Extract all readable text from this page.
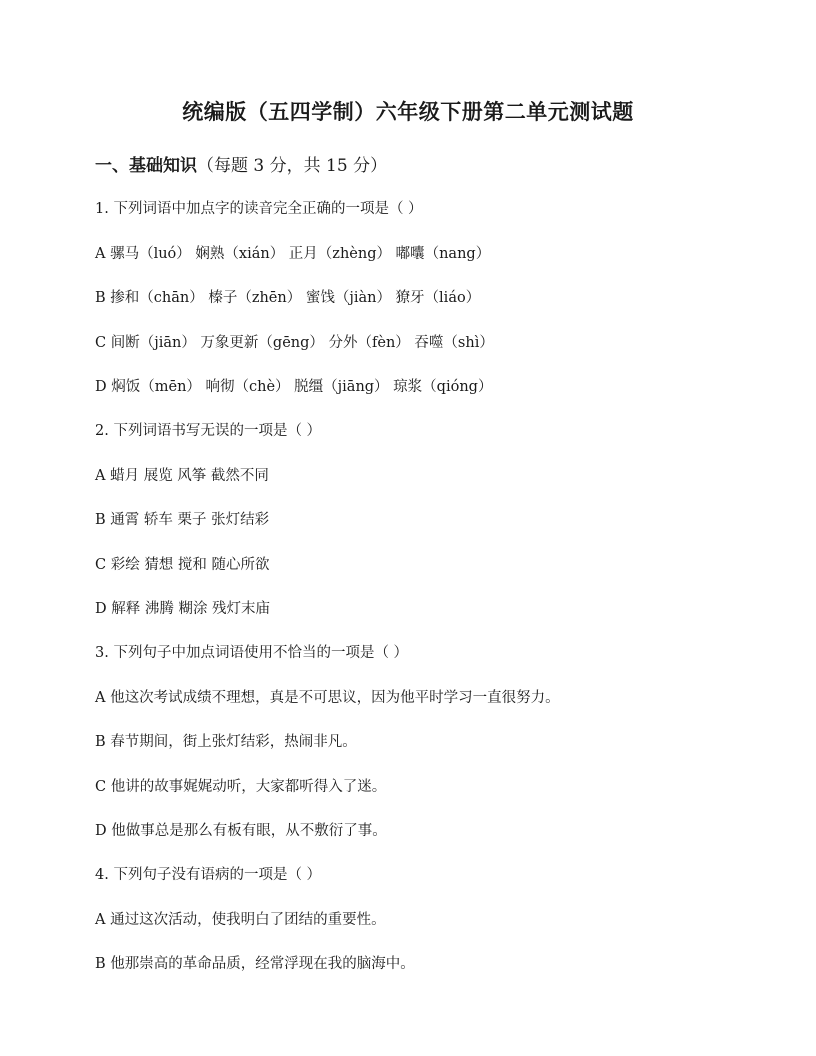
统编版（五四学制）六年级下册第二单元测试题
一、基础知识（每题 3 分，共 15 分）
1. 下列词语中加点字的读音完全正确的一项是（ ）
A 骡马（luó） 娴熟（xián） 正月（zhèng） 嘟囔（nang）
B 掺和（chān） 榛子（zhēn） 蜜饯（jiàn） 獠牙（liáo）
C 间断（jiān） 万象更新（gēng） 分外（fèn） 吞噬（shì）
D 焖饭（mēn） 响彻（chè） 脱缰（jiāng） 琼浆（qióng）
2. 下列词语书写无误的一项是（ ）
A 蜡月 展览 风筝 截然不同
B 通霄 轿车 栗子 张灯结彩
C 彩绘 猜想 搅和 随心所欲
D 解释 沸腾 糊涂 残灯末庙
3. 下列句子中加点词语使用不恰当的一项是（ ）
A 他这次考试成绩不理想，真是不可思议，因为他平时学习一直很努力。
B 春节期间，街上张灯结彩，热闹非凡。
C 他讲的故事娓娓动听，大家都听得入了迷。
D 他做事总是那么有板有眼，从不敷衍了事。
4. 下列句子没有语病的一项是（ ）
A 通过这次活动，使我明白了团结的重要性。
B 他那崇高的革命品质，经常浮现在我的脑海中。
